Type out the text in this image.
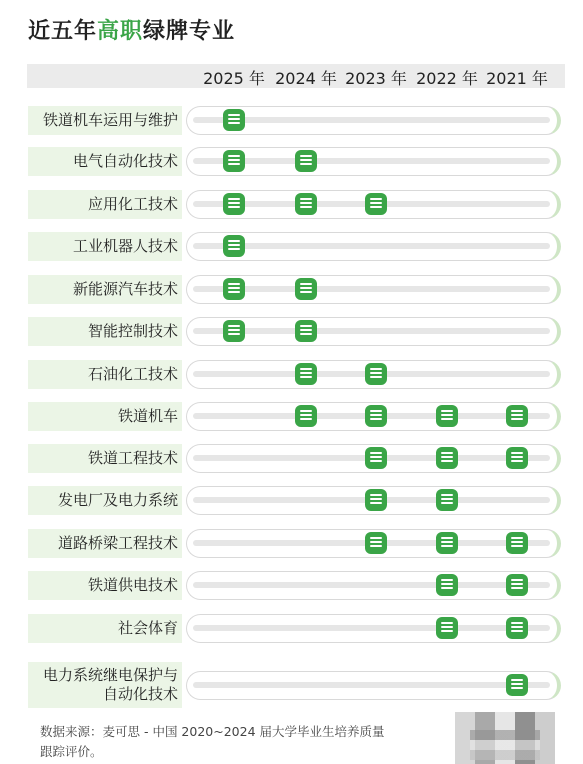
近五年高职绿牌专业
2025 年 2024 年 2023 年 2022 年 2021 年
铁道机车运用与维护
电气自动化技术
应用化工技术
工业机器人技术
新能源汽车技术
智能控制技术
石油化工技术
铁道机车
铁道工程技术
发电厂及电力系统
道路桥梁工程技术
铁道供电技术
社会体育
电力系统继电保护与
自动化技术
数据来源：麦可思 - 中国 2020~2024 届大学毕业生培养质量
跟踪评价。
